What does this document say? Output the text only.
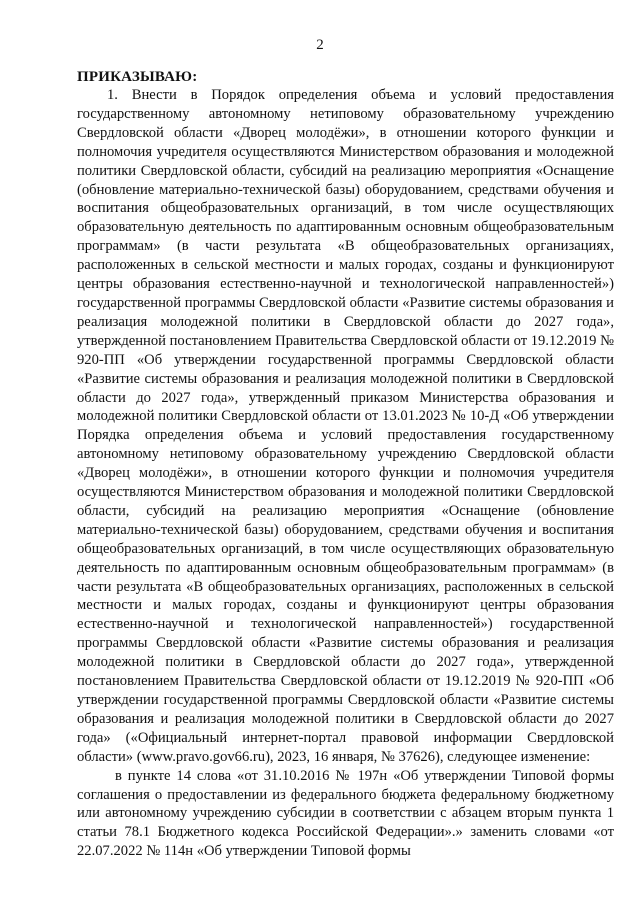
2
ПРИКАЗЫВАЮ:

1. Внести в Порядок определения объема и условий предоставления государственному автономному нетиповому образовательному учреждению Свердловской области «Дворец молодёжи», в отношении которого функции и полномочия учредителя осуществляются Министерством образования и молодежной политики Свердловской области, субсидий на реализацию мероприятия «Оснащение (обновление материально-технической базы) оборудованием, средствами обучения и воспитания общеобразовательных организаций, в том числе осуществляющих образовательную деятельность по адаптированным основным общеобразовательным программам» (в части результата «В общеобразовательных организациях, расположенных в сельской местности и малых городах, созданы и функционируют центры образования естественно-научной и технологической направленностей») государственной программы Свердловской области «Развитие системы образования и реализация молодежной политики в Свердловской области до 2027 года», утвержденной постановлением Правительства Свердловской области от 19.12.2019 № 920-ПП «Об утверждении государственной программы Свердловской области «Развитие системы образования и реализация молодежной политики в Свердловской области до 2027 года», утвержденный приказом Министерства образования и молодежной политики Свердловской области от 13.01.2023 № 10-Д «Об утверждении Порядка определения объема и условий предоставления государственному автономному нетиповому образовательному учреждению Свердловской области «Дворец молодёжи», в отношении которого функции и полномочия учредителя осуществляются Министерством образования и молодежной политики Свердловской области, субсидий на реализацию мероприятия «Оснащение (обновление материально-технической базы) оборудованием, средствами обучения и воспитания общеобразовательных организаций, в том числе осуществляющих образовательную деятельность по адаптированным основным общеобразовательным программам» (в части результата «В общеобразовательных организациях, расположенных в сельской местности и малых городах, созданы и функционируют центры образования естественно-научной и технологической направленностей») государственной программы Свердловской области «Развитие системы образования и реализация молодежной политики в Свердловской области до 2027 года», утвержденной постановлением Правительства Свердловской области от 19.12.2019 № 920-ПП «Об утверждении государственной программы Свердловской области «Развитие системы образования и реализация молодежной политики в Свердловской области до 2027 года» («Официальный интернет-портал правовой информации Свердловской области» (www.pravo.gov66.ru), 2023, 16 января, № 37626), следующее изменение:

в пункте 14 слова «от 31.10.2016 № 197н «Об утверждении Типовой формы соглашения о предоставлении из федерального бюджета федеральному бюджетному или автономному учреждению субсидии в соответствии с абзацем вторым пункта 1 статьи 78.1 Бюджетного кодекса Российской Федерации».» заменить словами «от 22.07.2022 № 114н «Об утверждении Типовой формы
